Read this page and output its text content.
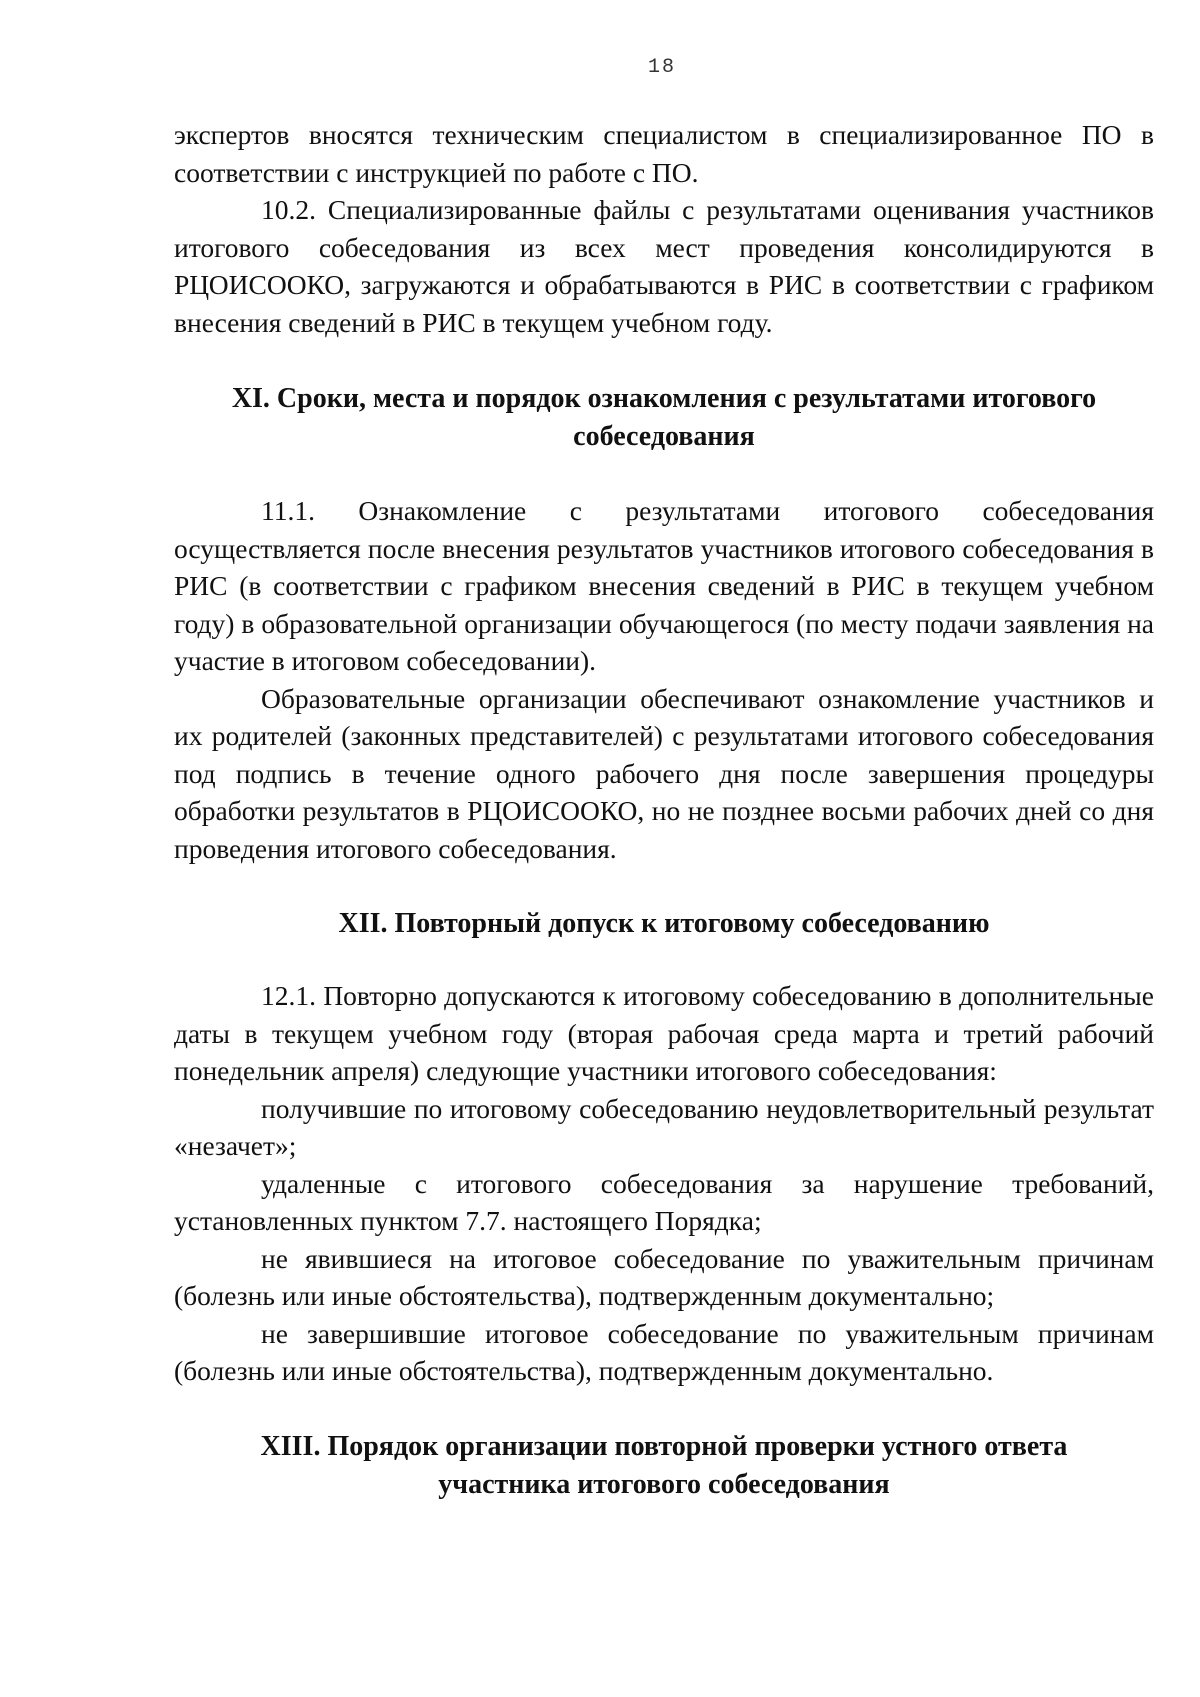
18

экспертов вносятся техническим специалистом в специализированное ПО в соответствии с инструкцией по работе с ПО.

10.2. Специализированные файлы с результатами оценивания участников итогового собеседования из всех мест проведения консолидируются в РЦОИСООКО, загружаются и обрабатываются в РИС в соответствии с графиком внесения сведений в РИС в текущем учебном году.

XI. Сроки, места и порядок ознакомления с результатами итогового
собеседования

11.1. Ознакомление с результатами итогового собеседования осуществляется после внесения результатов участников итогового собеседования в РИС (в соответствии с графиком внесения сведений в РИС в текущем учебном году) в образовательной организации обучающегося (по месту подачи заявления на участие в итоговом собеседовании).

Образовательные организации обеспечивают ознакомление участников и их родителей (законных представителей) с результатами итогового собеседования под подпись в течение одного рабочего дня после завершения процедуры обработки результатов в РЦОИСООКО, но не позднее восьми рабочих дней со дня проведения итогового собеседования.

XII. Повторный допуск к итоговому собеседованию

12.1. Повторно допускаются к итоговому собеседованию в дополнительные даты в текущем учебном году (вторая рабочая среда марта и третий рабочий понедельник апреля) следующие участники итогового собеседования:

получившие по итоговому собеседованию неудовлетворительный результат «незачет»;

удаленные с итогового собеседования за нарушение требований, установленных пунктом 7.7. настоящего Порядка;

не явившиеся на итоговое собеседование по уважительным причинам (болезнь или иные обстоятельства), подтвержденным документально;

не завершившие итоговое собеседование по уважительным причинам (болезнь или иные обстоятельства), подтвержденным документально.

XIII. Порядок организации повторной проверки устного ответа
участника итогового собеседования
